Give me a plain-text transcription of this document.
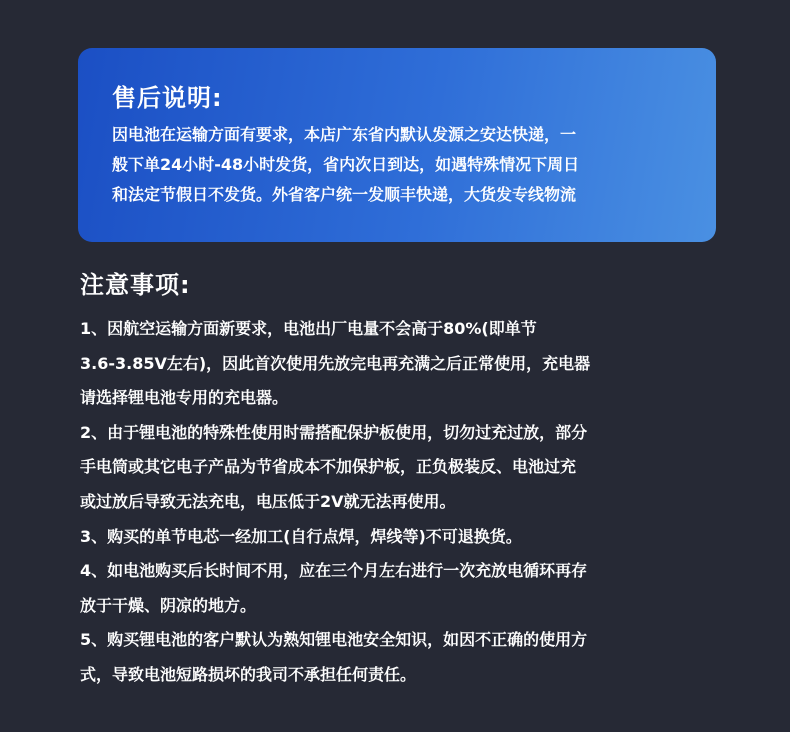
售后说明:
因电池在运输方面有要求，本店广东省内默认发源之安达快递，一
般下单24小时-48小时发货，省内次日到达，如遇特殊情况下周日
和法定节假日不发货。外省客户统一发顺丰快递，大货发专线物流
注意事项:
1、因航空运输方面新要求，电池出厂电量不会高于80%(即单节
3.6-3.85V左右)，因此首次使用先放完电再充满之后正常使用，充电器
请选择锂电池专用的充电器。
2、由于锂电池的特殊性使用时需搭配保护板使用，切勿过充过放，部分
手电筒或其它电子产品为节省成本不加保护板，正负极装反、电池过充
或过放后导致无法充电，电压低于2V就无法再使用。
3、购买的单节电芯一经加工(自行点焊，焊线等)不可退换货。
4、如电池购买后长时间不用，应在三个月左右进行一次充放电循环再存
放于干燥、阴凉的地方。
5、购买锂电池的客户默认为熟知锂电池安全知识，如因不正确的使用方
式，导致电池短路损坏的我司不承担任何责任。
